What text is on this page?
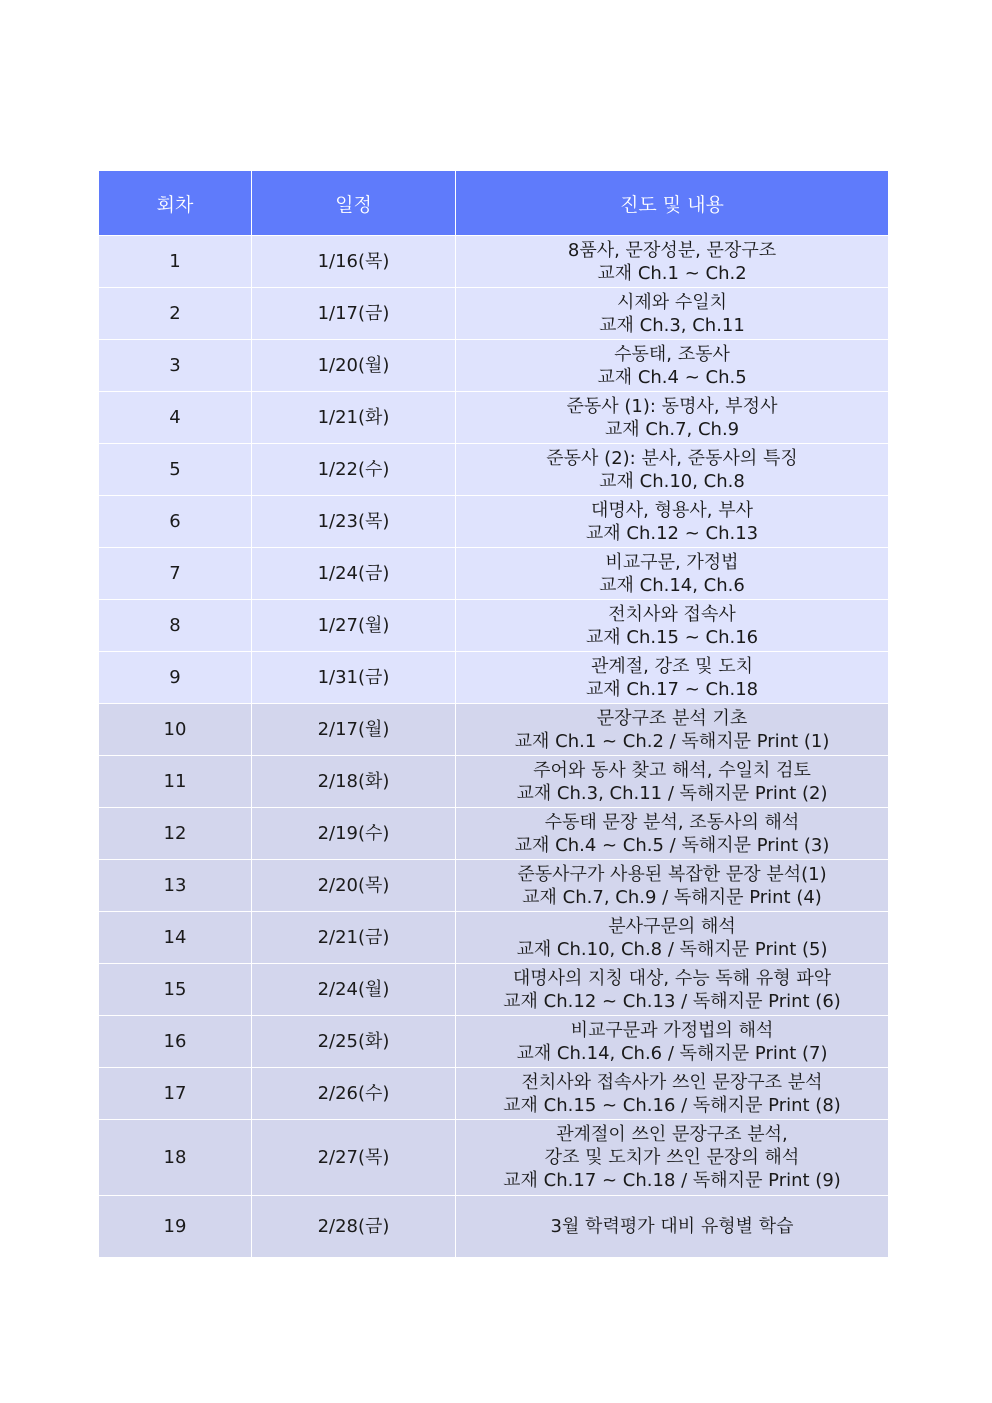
회차	일정	진도 및 내용
1	1/16(목)	8품사, 문장성분, 문장구조
교재 Ch.1 ~ Ch.2

2	1/17(금)	시제와 수일치
교재 Ch.3, Ch.11

3	1/20(월)	수동태, 조동사
교재 Ch.4 ~ Ch.5

4	1/21(화)	준동사 (1): 동명사, 부정사
교재 Ch.7, Ch.9

5	1/22(수)	준동사 (2): 분사, 준동사의 특징
교재 Ch.10, Ch.8

6	1/23(목)	대명사, 형용사, 부사
교재 Ch.12 ~ Ch.13

7	1/24(금)	비교구문, 가정법
교재 Ch.14, Ch.6

8	1/27(월)	전치사와 접속사
교재 Ch.15 ~ Ch.16

9	1/31(금)	관계절, 강조 및 도치
교재 Ch.17 ~ Ch.18

10	2/17(월)	문장구조 분석 기초
교재 Ch.1 ~ Ch.2 / 독해지문 Print (1)

11	2/18(화)	주어와 동사 찾고 해석, 수일치 검토
교재 Ch.3, Ch.11 / 독해지문 Print (2)

12	2/19(수)	수동태 문장 분석, 조동사의 해석
교재 Ch.4 ~ Ch.5 / 독해지문 Print (3)

13	2/20(목)	준동사구가 사용된 복잡한 문장 분석(1)
교재 Ch.7, Ch.9 / 독해지문 Print (4)

14	2/21(금)	분사구문의 해석
교재 Ch.10, Ch.8 / 독해지문 Print (5)

15	2/24(월)	대명사의 지칭 대상, 수능 독해 유형 파악
교재 Ch.12 ~ Ch.13 / 독해지문 Print (6)

16	2/25(화)	비교구문과 가정법의 해석
교재 Ch.14, Ch.6 / 독해지문 Print (7)

17	2/26(수)	전치사와 접속사가 쓰인 문장구조 분석
교재 Ch.15 ~ Ch.16 / 독해지문 Print (8)

18	2/27(목)	관계절이 쓰인 문장구조 분석,
강조 및 도치가 쓰인 문장의 해석
교재 Ch.17 ~ Ch.18 / 독해지문 Print (9)

19	2/28(금)	3월 학력평가 대비 유형별 학습
